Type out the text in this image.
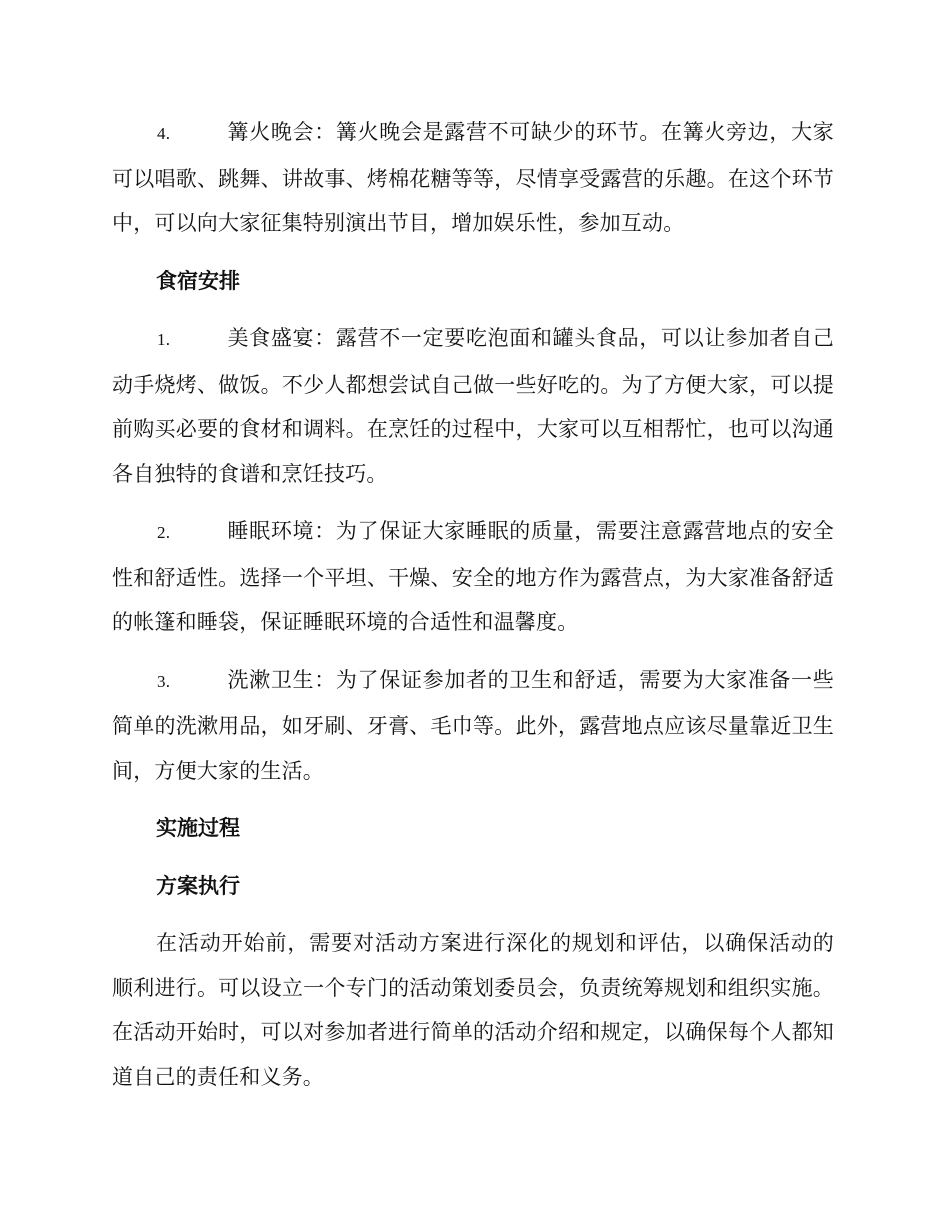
4.	篝火晚会：篝火晚会是露营不可缺少的环节。在篝火旁边，大家可以唱歌、跳舞、讲故事、烤棉花糖等等，尽情享受露营的乐趣。在这个环节中，可以向大家征集特别演出节目，增加娱乐性，参加互动。

食宿安排

1.	美食盛宴：露营不一定要吃泡面和罐头食品，可以让参加者自己动手烧烤、做饭。不少人都想尝试自己做一些好吃的。为了方便大家，可以提前购买必要的食材和调料。在烹饪的过程中，大家可以互相帮忙，也可以沟通各自独特的食谱和烹饪技巧。

2.	睡眠环境：为了保证大家睡眠的质量，需要注意露营地点的安全性和舒适性。选择一个平坦、干燥、安全的地方作为露营点，为大家准备舒适的帐篷和睡袋，保证睡眠环境的合适性和温馨度。

3.	洗漱卫生：为了保证参加者的卫生和舒适，需要为大家准备一些简单的洗漱用品，如牙刷、牙膏、毛巾等。此外，露营地点应该尽量靠近卫生间，方便大家的生活。

实施过程
方案执行

在活动开始前，需要对活动方案进行深化的规划和评估，以确保活动的顺利进行。可以设立一个专门的活动策划委员会，负责统筹规划和组织实施。在活动开始时，可以对参加者进行简单的活动介绍和规定，以确保每个人都知道自己的责任和义务。
